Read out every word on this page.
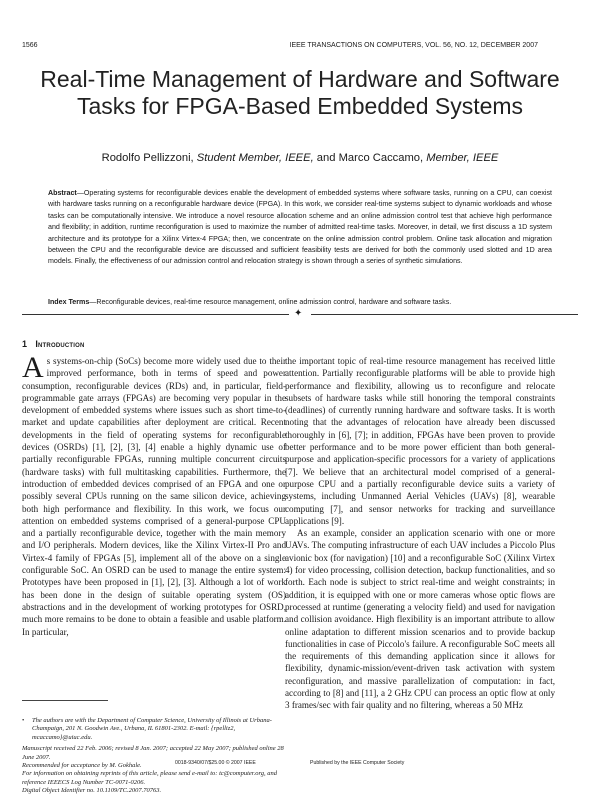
1566	IEEE TRANSACTIONS ON COMPUTERS, VOL. 56, NO. 12, DECEMBER 2007
Real-Time Management of Hardware and Software Tasks for FPGA-Based Embedded Systems
Rodolfo Pellizzoni, Student Member, IEEE, and Marco Caccamo, Member, IEEE
Abstract—Operating systems for reconfigurable devices enable the development of embedded systems where software tasks, running on a CPU, can coexist with hardware tasks running on a reconfigurable hardware device (FPGA). In this work, we consider real-time systems subject to dynamic workloads and whose tasks can be computationally intensive. We introduce a novel resource allocation scheme and an online admission control test that achieve high performance and flexibility; in addition, runtime reconfiguration is used to maximize the number of admitted real-time tasks. Moreover, in detail, we first discuss a 1D system architecture and its prototype for a Xilinx Virtex-4 FPGA; then, we concentrate on the online admission control problem. Online task allocation and migration between the CPU and the reconfigurable device are discussed and sufficient feasibility tests are derived for both the commonly used slotted and 1D area models. Finally, the effectiveness of our admission control and relocation strategy is shown through a series of synthetic simulations.
Index Terms—Reconfigurable devices, real-time resource management, online admission control, hardware and software tasks.
✦
1 Introduction

As systems-on-chip (SoCs) become more widely used due to their improved performance, both in terms of speed and power consumption, reconfigurable devices (RDs) and, in particular, field-programmable gate arrays (FPGAs) are becoming very popular in the development of embedded systems where issues such as short time-to-market and update capabilities after deployment are critical. Recent developments in the field of operating systems for reconfigurable devices (OSRDs) [1], [2], [3], [4] enable a highly dynamic use of partially reconfigurable FPGAs, running multiple concurrent circuits (hardware tasks) with full multitasking capabilities. Furthermore, the introduction of embedded devices comprised of an FPGA and one or possibly several CPUs running on the same silicon device, achieving both high performance and flexibility. In this work, we focus our attention on embedded systems comprised of a general-purpose CPU and a partially reconfigurable device, together with the main memory and I/O peripherals. Modern devices, like the Xilinx Virtex-II Pro and Virtex-4 family of FPGAs [5], implement all of the above on a single configurable SoC. An OSRD can be used to manage the entire system: Prototypes have been proposed in [1], [2], [3]. Although a lot of work has been done in the design of suitable operating system (OS) abstractions and in the development of working prototypes for OSRD, much more remains to be done to obtain a feasible and usable platform. In particular,

• The authors are with the Department of Computer Science, University of Illinois at Urbana-Champaign, 201 N. Goodwin Ave., Urbana, IL 61801-2302. E-mail: {rpelliz2, mcaccamo}@uiuc.edu.

Manuscript received 22 Feb. 2006; revised 8 Jan. 2007; accepted 22 May 2007; published online 28 June 2007.

Recommended for acceptance by M. Gokhale.

For information on obtaining reprints of this article, please send e-mail to: tc@computer.org, and reference IEEECS Log Number TC-0071-0206.

Digital Object Identifier no. 10.1109/TC.2007.70763.

the important topic of real-time resource management has received little attention. Partially reconfigurable platforms will be able to provide high performance and flexibility, allowing us to reconfigure and relocate subsets of hardware tasks while still honoring the temporal constraints (deadlines) of currently running hardware and software tasks. It is worth noting that the advantages of relocation have already been discussed thoroughly in [6], [7]; in addition, FPGAs have been proven to provide better performance and to be more power efficient than both general-purpose and application-specific processors for a variety of applications [7]. We believe that an architectural model comprised of a general-purpose CPU and a partially reconfigurable device suits a variety of systems, including Unmanned Aerial Vehicles (UAVs) [8], wearable computing [7], and sensor networks for tracking and surveillance applications [9].

As an example, consider an application scenario with one or more UAVs. The computing infrastructure of each UAV includes a Piccolo Plus avionic box (for navigation) [10] and a reconfigurable SoC (Xilinx Virtex 4) for video processing, collision detection, backup functionalities, and so forth. Each node is subject to strict real-time and weight constraints; in addition, it is equipped with one or more cameras whose optic flows are processed at runtime (generating a velocity field) and used for navigation and collision avoidance. High flexibility is an important attribute to allow online adaptation to different mission scenarios and to provide backup functionalities in case of Piccolo's failure. A reconfigurable SoC meets all the requirements of this demanding application since it allows for flexibility, dynamic-mission/event-driven task activation with system reconfiguration, and massive parallelization of computation: in fact, according to [8] and [11], a 2 GHz CPU can process an optic flow at only 3 frames/sec with fair quality and no filtering, whereas a 50 MHz

0018-9340/07/$25.00 © 2007 IEEE	Published by the IEEE Computer Society
